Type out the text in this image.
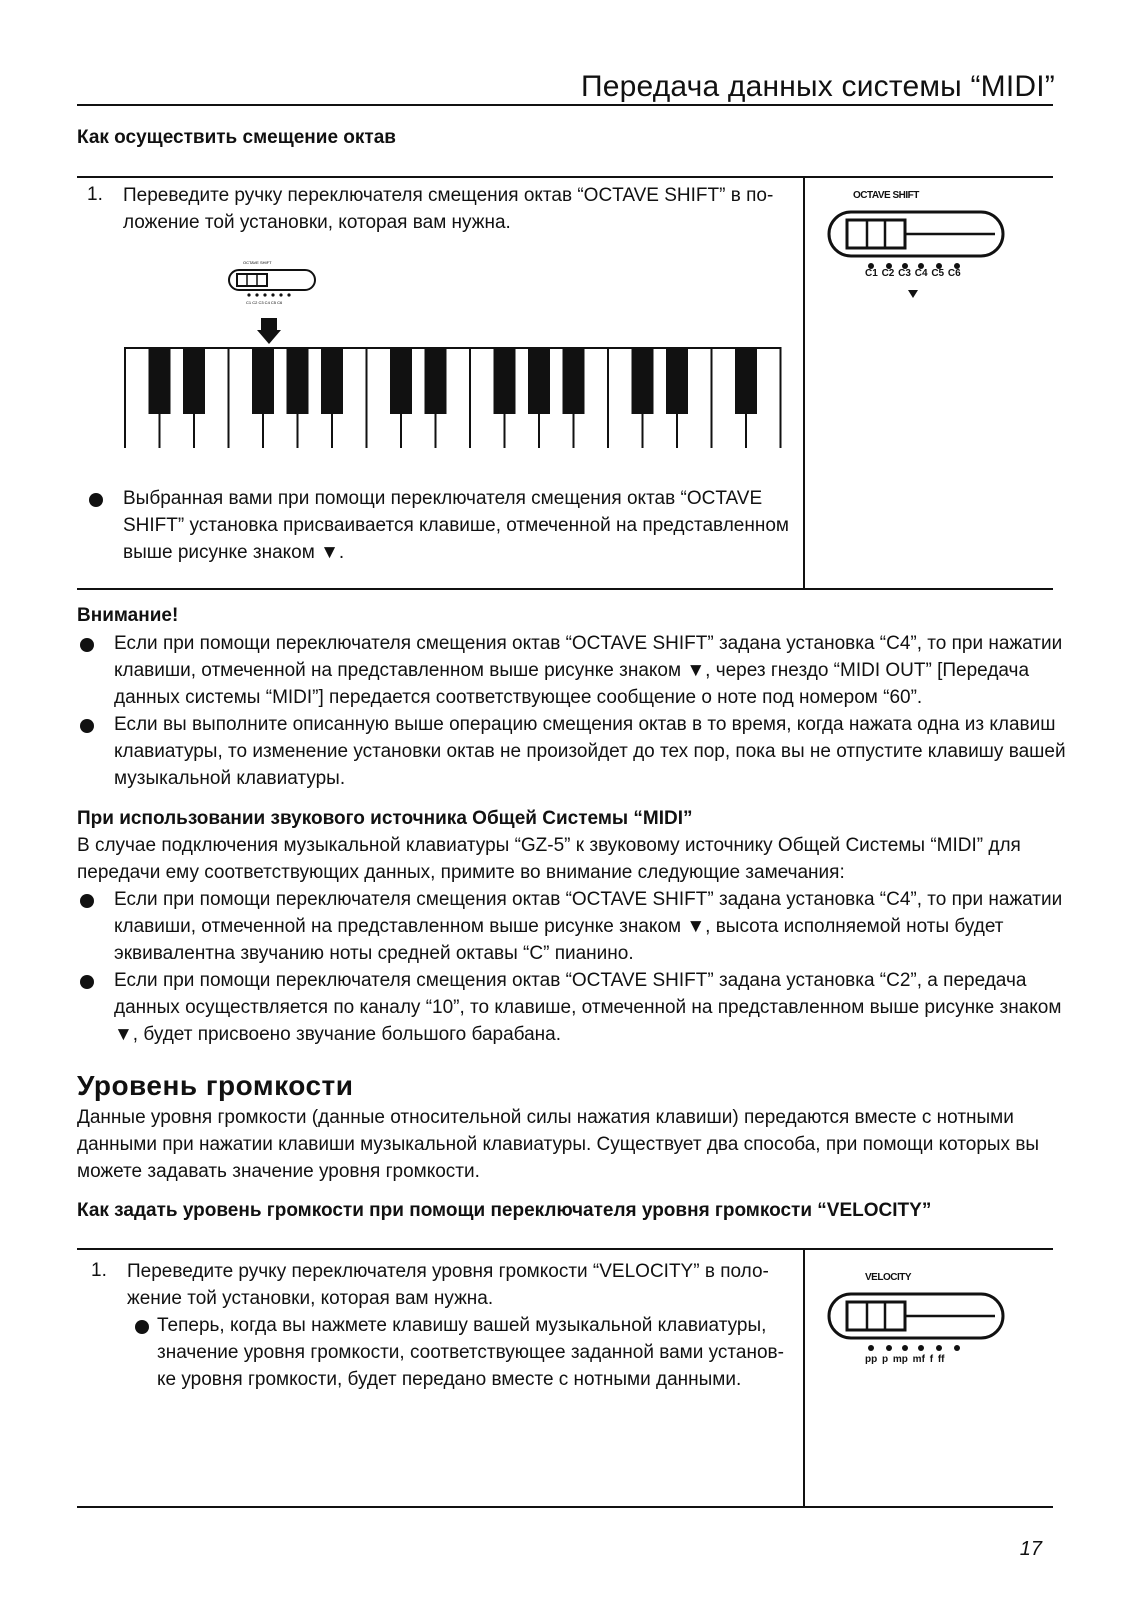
Передача данных системы “MIDI”
Как осуществить смещение октав
1. Переведите ручку переключателя смещения октав “OCTAVE SHIFT” в по-
ложение той установки, которая вам нужна.
OCTAVE SHIFT
C1 C2 C3 C4 C5 C6
Выбранная вами при помощи переключателя смещения октав “OCTAVE
SHIFT” установка присваивается клавише, отмеченной на представленном
выше рисунке знаком ▼.
OCTAVE SHIFT
C1 C2 C3 C4 C5 C6
Внимание!
Если при помощи переключателя смещения октав “OCTAVE SHIFT” задана установка “C4”, то при нажатии
клавиши, отмеченной на представленном выше рисунке знаком ▼, через гнездо “MIDI OUT” [Передача
данных системы “MIDI”] передается соответствующее сообщение о ноте под номером “60”.
Если вы выполните описанную выше операцию смещения октав в то время, когда нажата одна из клавиш
клавиатуры, то изменение установки октав не произойдет до тех пор, пока вы не отпустите клавишу вашей
музыкальной клавиатуры.
При использовании звукового источника Общей Системы “MIDI”
В случае подключения музыкальной клавиатуры “GZ-5” к звуковому источнику Общей Системы “MIDI” для
передачи ему соответствующих данных, примите во внимание следующие замечания:
Если при помощи переключателя смещения октав “OCTAVE SHIFT” задана установка “C4”, то при нажатии
клавиши, отмеченной на представленном выше рисунке знаком ▼, высота исполняемой ноты будет
эквивалентна звучанию ноты средней октавы “C” пианино.
Если при помощи переключателя смещения октав “OCTAVE SHIFT” задана установка “C2”, а передача
данных осуществляется по каналу “10”, то клавише, отмеченной на представленном выше рисунке знаком
▼, будет присвоено звучание большого барабана.
Уровень громкости
Данные уровня громкости (данные относительной силы нажатия клавиши) передаются вместе с нотными
данными при нажатии клавиши музыкальной клавиатуры. Существует два способа, при помощи которых вы
можете задавать значение уровня громкости.
Как задать уровень громкости при помощи переключателя уровня громкости “VELOCITY”
1. Переведите ручку переключателя уровня громкости “VELOCITY” в поло-
жение той установки, которая вам нужна.
Теперь, когда вы нажмете клавишу вашей музыкальной клавиатуры,
значение уровня громкости, соответствующее заданной вами установ-
ке уровня громкости, будет передано вместе с нотными данными.
VELOCITY
pp p mp mf f ff
17
